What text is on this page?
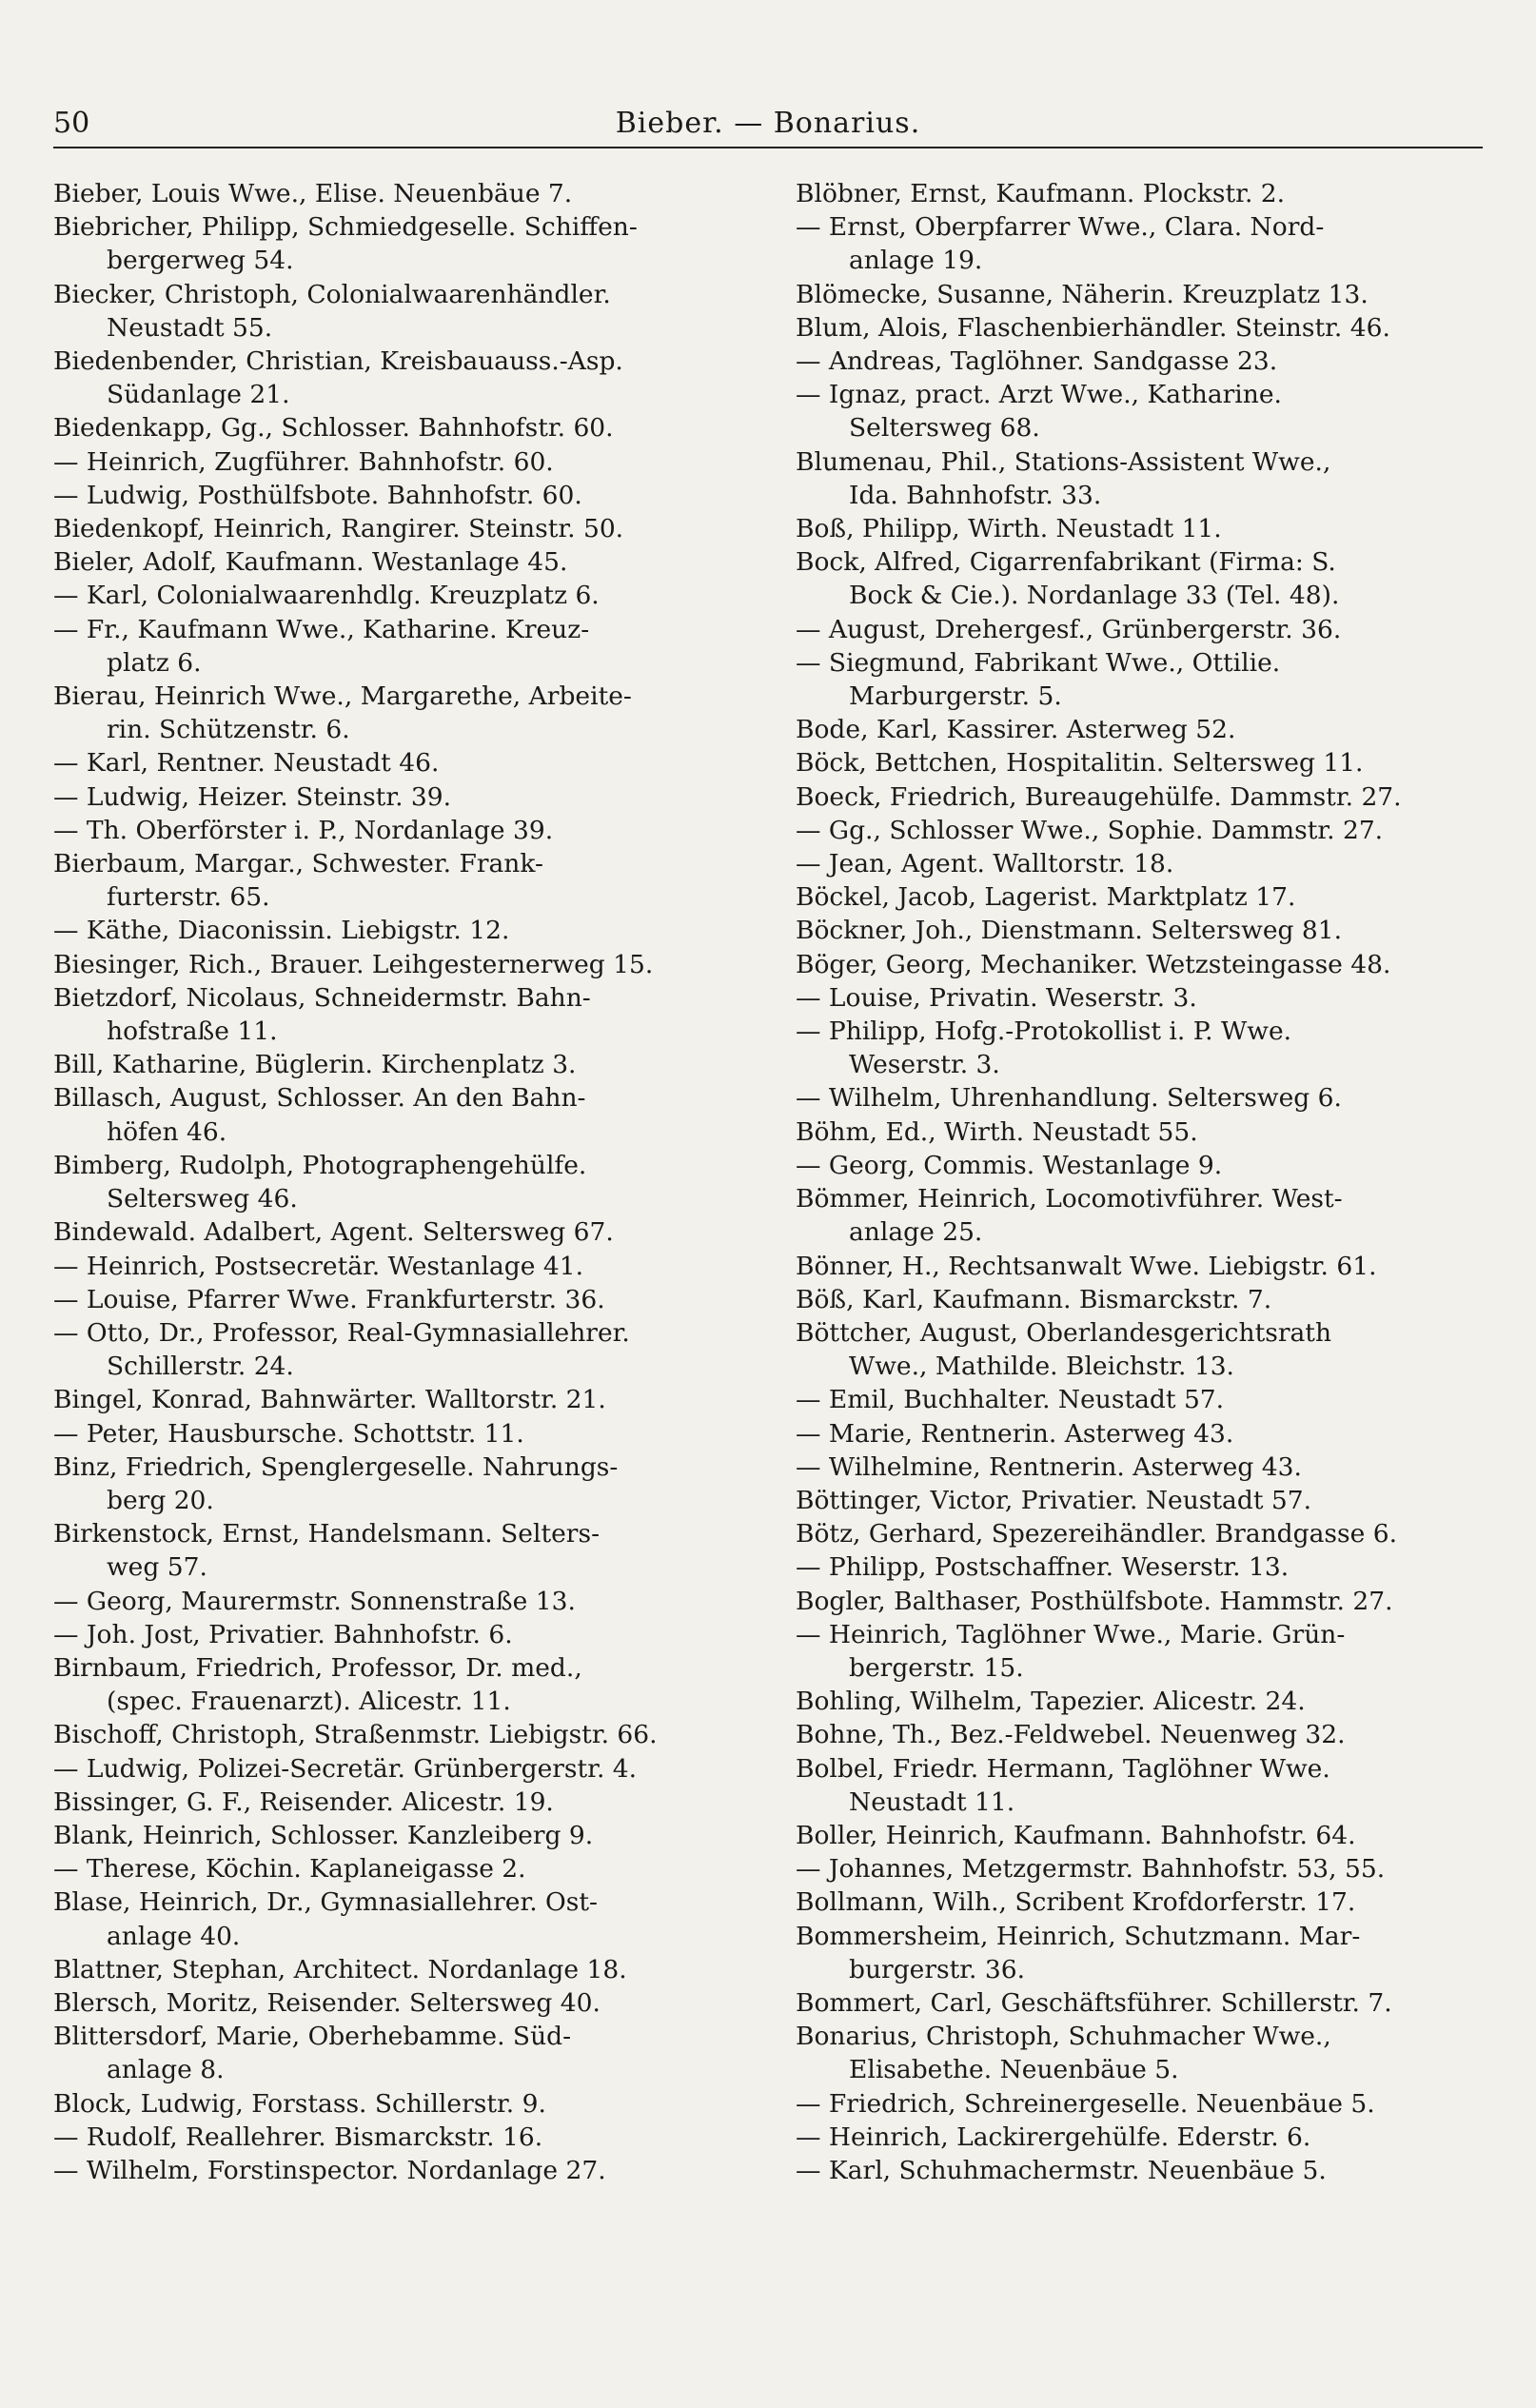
50	Bieber. — Bonarius.
Bieber, Louis Wwe., Elise. Neuenbäue 7.
Biebricher, Philipp, Schmiedgeselle. Schiffen-
bergerweg 54.
Biecker, Christoph, Colonialwaarenhändler.
Neustadt 55.
Biedenbender, Christian, Kreisbauauss.-Asp.
Südanlage 21.
Biedenkapp, Gg., Schlosser. Bahnhofstr. 60.
— Heinrich, Zugführer. Bahnhofstr. 60.
— Ludwig, Posthülfsbote. Bahnhofstr. 60.
Biedenkopf, Heinrich, Rangirer. Steinstr. 50.
Bieler, Adolf, Kaufmann. Westanlage 45.
— Karl, Colonialwaarenhdlg. Kreuzplatz 6.
— Fr., Kaufmann Wwe., Katharine. Kreuz-
platz 6.
Bierau, Heinrich Wwe., Margarethe, Arbeite-
rin. Schützenstr. 6.
— Karl, Rentner. Neustadt 46.
— Ludwig, Heizer. Steinstr. 39.
— Th. Oberförster i. P., Nordanlage 39.
Bierbaum, Margar., Schwester. Frank-
furterstr. 65.
— Käthe, Diaconissin. Liebigstr. 12.
Biesinger, Rich., Brauer. Leihgesternerweg 15.
Bietzdorf, Nicolaus, Schneidermstr. Bahn-
hofstraße 11.
Bill, Katharine, Büglerin. Kirchenplatz 3.
Billasch, August, Schlosser. An den Bahn-
höfen 46.
Bimberg, Rudolph, Photographengehülfe.
Seltersweg 46.
Bindewald. Adalbert, Agent. Seltersweg 67.
— Heinrich, Postsecretär. Westanlage 41.
— Louise, Pfarrer Wwe. Frankfurterstr. 36.
— Otto, Dr., Professor, Real-Gymnasiallehrer.
Schillerstr. 24.
Bingel, Konrad, Bahnwärter. Walltorstr. 21.
— Peter, Hausbursche. Schottstr. 11.
Binz, Friedrich, Spenglergeselle. Nahrungs-
berg 20.
Birkenstock, Ernst, Handelsmann. Selters-
weg 57.
— Georg, Maurermstr. Sonnenstraße 13.
— Joh. Jost, Privatier. Bahnhofstr. 6.
Birnbaum, Friedrich, Professor, Dr. med.,
(spec. Frauenarzt). Alicestr. 11.
Bischoff, Christoph, Straßenmstr. Liebigstr. 66.
— Ludwig, Polizei-Secretär. Grünbergerstr. 4.
Bissinger, G. F., Reisender. Alicestr. 19.
Blank, Heinrich, Schlosser. Kanzleiberg 9.
— Therese, Köchin. Kaplaneigasse 2.
Blase, Heinrich, Dr., Gymnasiallehrer. Ost-
anlage 40.
Blattner, Stephan, Architect. Nordanlage 18.
Blersch, Moritz, Reisender. Seltersweg 40.
Blittersdorf, Marie, Oberhebamme. Süd-
anlage 8.
Block, Ludwig, Forstass. Schillerstr. 9.
— Rudolf, Reallehrer. Bismarckstr. 16.
— Wilhelm, Forstinspector. Nordanlage 27.
Blöbner, Ernst, Kaufmann. Plockstr. 2.
— Ernst, Oberpfarrer Wwe., Clara. Nord-
anlage 19.
Blömecke, Susanne, Näherin. Kreuzplatz 13.
Blum, Alois, Flaschenbierhändler. Steinstr. 46.
— Andreas, Taglöhner. Sandgasse 23.
— Ignaz, pract. Arzt Wwe., Katharine.
Seltersweg 68.
Blumenau, Phil., Stations-Assistent Wwe.,
Ida. Bahnhofstr. 33.
Boß, Philipp, Wirth. Neustadt 11.
Bock, Alfred, Cigarrenfabrikant (Firma: S.
Bock & Cie.). Nordanlage 33 (Tel. 48).
— August, Drehergesf., Grünbergerstr. 36.
— Siegmund, Fabrikant Wwe., Ottilie.
Marburgerstr. 5.
Bode, Karl, Kassirer. Asterweg 52.
Böck, Bettchen, Hospitalitin. Seltersweg 11.
Boeck, Friedrich, Bureaugehülfe. Dammstr. 27.
— Gg., Schlosser Wwe., Sophie. Dammstr. 27.
— Jean, Agent. Walltorstr. 18.
Böckel, Jacob, Lagerist. Marktplatz 17.
Böckner, Joh., Dienstmann. Seltersweg 81.
Böger, Georg, Mechaniker. Wetzsteingasse 48.
— Louise, Privatin. Weserstr. 3.
— Philipp, Hofg.-Protokollist i. P. Wwe.
Weserstr. 3.
— Wilhelm, Uhrenhandlung. Seltersweg 6.
Böhm, Ed., Wirth. Neustadt 55.
— Georg, Commis. Westanlage 9.
Bömmer, Heinrich, Locomotivführer. West-
anlage 25.
Bönner, H., Rechtsanwalt Wwe. Liebigstr. 61.
Böß, Karl, Kaufmann. Bismarckstr. 7.
Böttcher, August, Oberlandesgerichtsrath
Wwe., Mathilde. Bleichstr. 13.
— Emil, Buchhalter. Neustadt 57.
— Marie, Rentnerin. Asterweg 43.
— Wilhelmine, Rentnerin. Asterweg 43.
Böttinger, Victor, Privatier. Neustadt 57.
Bötz, Gerhard, Spezereihändler. Brandgasse 6.
— Philipp, Postschaffner. Weserstr. 13.
Bogler, Balthaser, Posthülfsbote. Hammstr. 27.
— Heinrich, Taglöhner Wwe., Marie. Grün-
bergerstr. 15.
Bohling, Wilhelm, Tapezier. Alicestr. 24.
Bohne, Th., Bez.-Feldwebel. Neuenweg 32.
Bolbel, Friedr. Hermann, Taglöhner Wwe.
Neustadt 11.
Boller, Heinrich, Kaufmann. Bahnhofstr. 64.
— Johannes, Metzgermstr. Bahnhofstr. 53, 55.
Bollmann, Wilh., Scribent Krofdorferstr. 17.
Bommersheim, Heinrich, Schutzmann. Mar-
burgerstr. 36.
Bommert, Carl, Geschäftsführer. Schillerstr. 7.
Bonarius, Christoph, Schuhmacher Wwe.,
Elisabethe. Neuenbäue 5.
— Friedrich, Schreinergeselle. Neuenbäue 5.
— Heinrich, Lackirergehülfe. Ederstr. 6.
— Karl, Schuhmachermstr. Neuenbäue 5.
